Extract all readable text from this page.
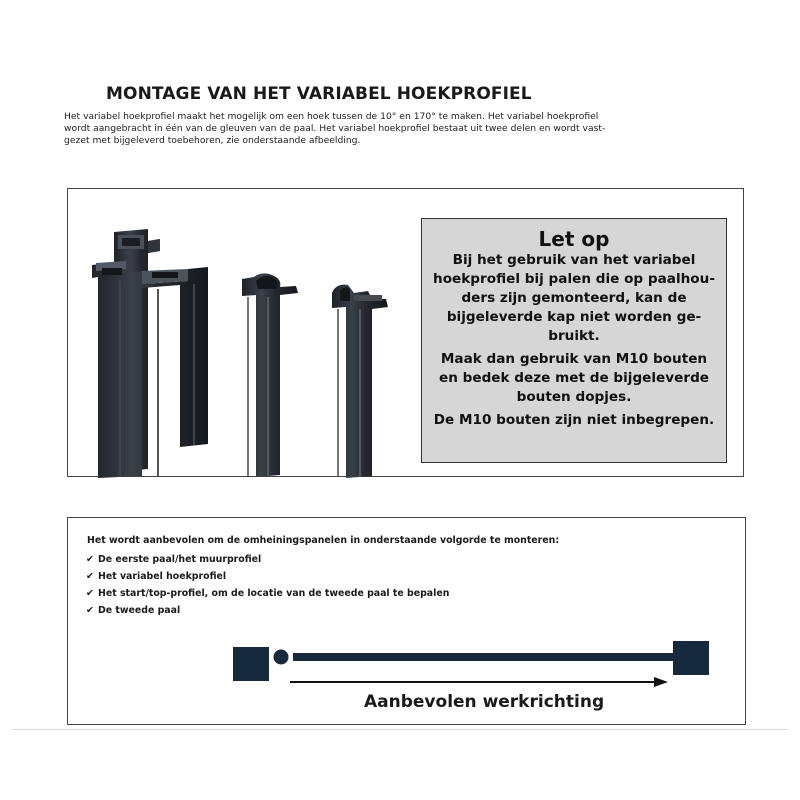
MONTAGE VAN HET VARIABEL HOEKPROFIEL
Het variabel hoekprofiel maakt het mogelijk om een hoek tussen de 10° en 170° te maken. Het variabel hoekprofiel
wordt aangebracht in één van de gleuven van de paal. Het variabel hoekprofiel bestaat uit twee delen en wordt vast-
gezet met bijgeleverd toebehoren, zie onderstaande afbeelding.
Let op
Bij het gebruik van het variabel
hoekprofiel bij palen die op paalhou-
ders zijn gemonteerd, kan de
bijgeleverde kap niet worden ge-
bruikt.
Maak dan gebruik van M10 bouten
en bedek deze met de bijgeleverde
bouten dopjes.
De M10 bouten zijn niet inbegrepen.
Het wordt aanbevolen om de omheiningspanelen in onderstaande volgorde te monteren:
✔ De eerste paal/het muurprofiel
✔ Het variabel hoekprofiel
✔ Het start/top-profiel, om de locatie van de tweede paal te bepalen
✔ De tweede paal
Aanbevolen werkrichting
